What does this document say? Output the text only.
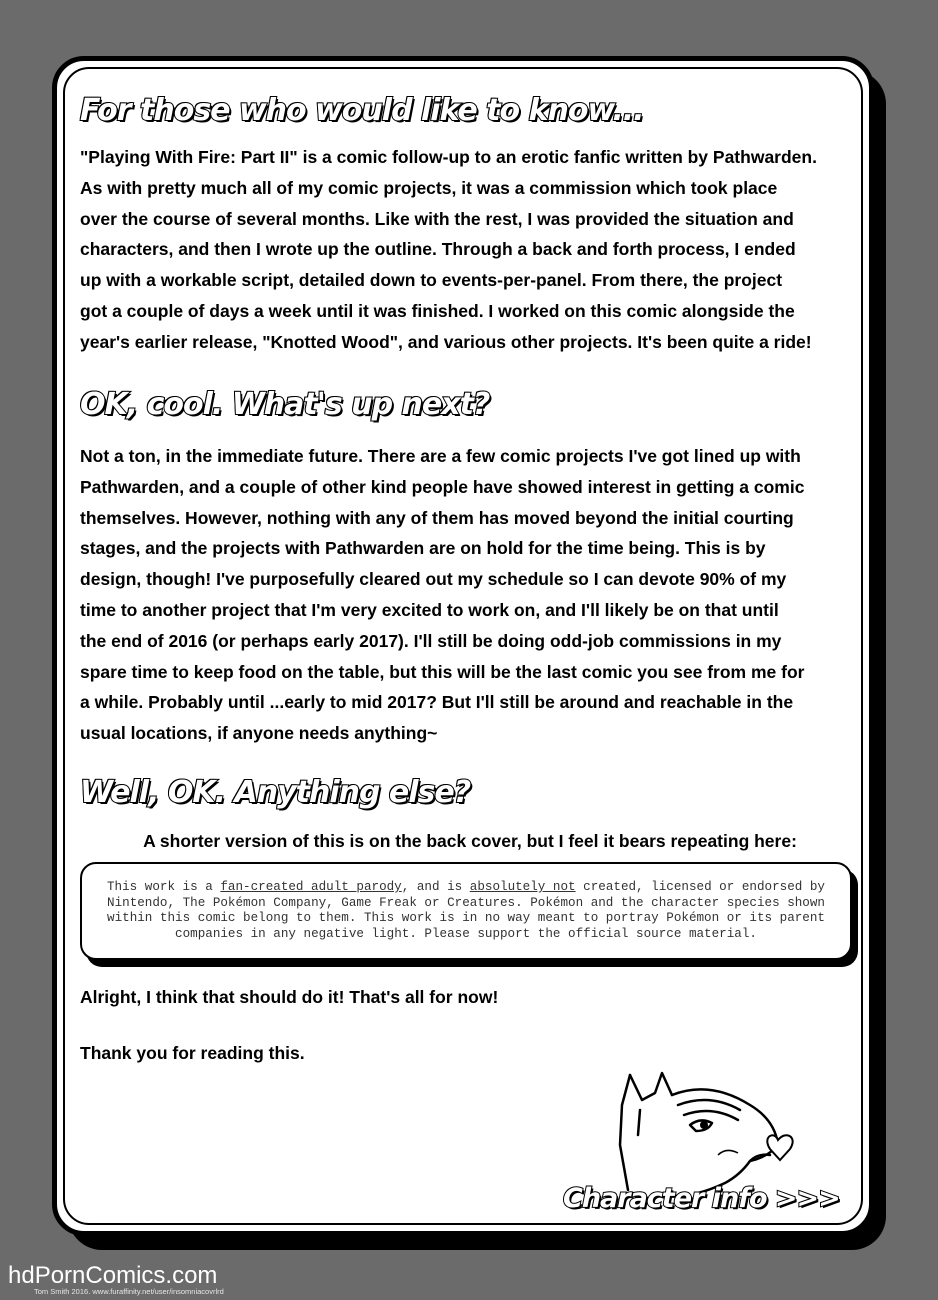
For those who would like to know...
"Playing With Fire: Part II" is a comic follow-up to an erotic fanfic written by Pathwarden.
As with pretty much all of my comic projects, it was a commission which took place
over the course of several months. Like with the rest, I was provided the situation and
characters, and then I wrote up the outline. Through a back and forth process, I ended
up with a workable script, detailed down to events-per-panel. From there, the project
got a couple of days a week until it was finished. I worked on this comic alongside the
year's earlier release, "Knotted Wood", and various other projects. It's been quite a ride!
OK, cool. What's up next?
Not a ton, in the immediate future. There are a few comic projects I've got lined up with
Pathwarden, and a couple of other kind people have showed interest in getting a comic
themselves. However, nothing with any of them has moved beyond the initial courting
stages, and the projects with Pathwarden are on hold for the time being. This is by
design, though! I've purposefully cleared out my schedule so I can devote 90% of my
time to another project that I'm very excited to work on, and I'll likely be on that until
the end of 2016 (or perhaps early 2017). I'll still be doing odd-job commissions in my
spare time to keep food on the table, but this will be the last comic you see from me for
a while. Probably until ...early to mid 2017? But I'll still be around and reachable in the
usual locations, if anyone needs anything~
Well, OK. Anything else?

A shorter version of this is on the back cover, but I feel it bears repeating here:

This work is a fan-created adult parody, and is absolutely not created, licensed or endorsed by Nintendo, The Pokémon Company, Game Freak or Creatures. Pokémon and the character species shown within this comic belong to them. This work is in no way meant to portray Pokémon or its parent companies in any negative light. Please support the official source material.

Alright, I think that should do it! That's all for now!

Thank you for reading this.

Character info >>>
hdPornComics.com
Tom Smith 2016. www.furaffinity.net/user/insomniacovrlrd
